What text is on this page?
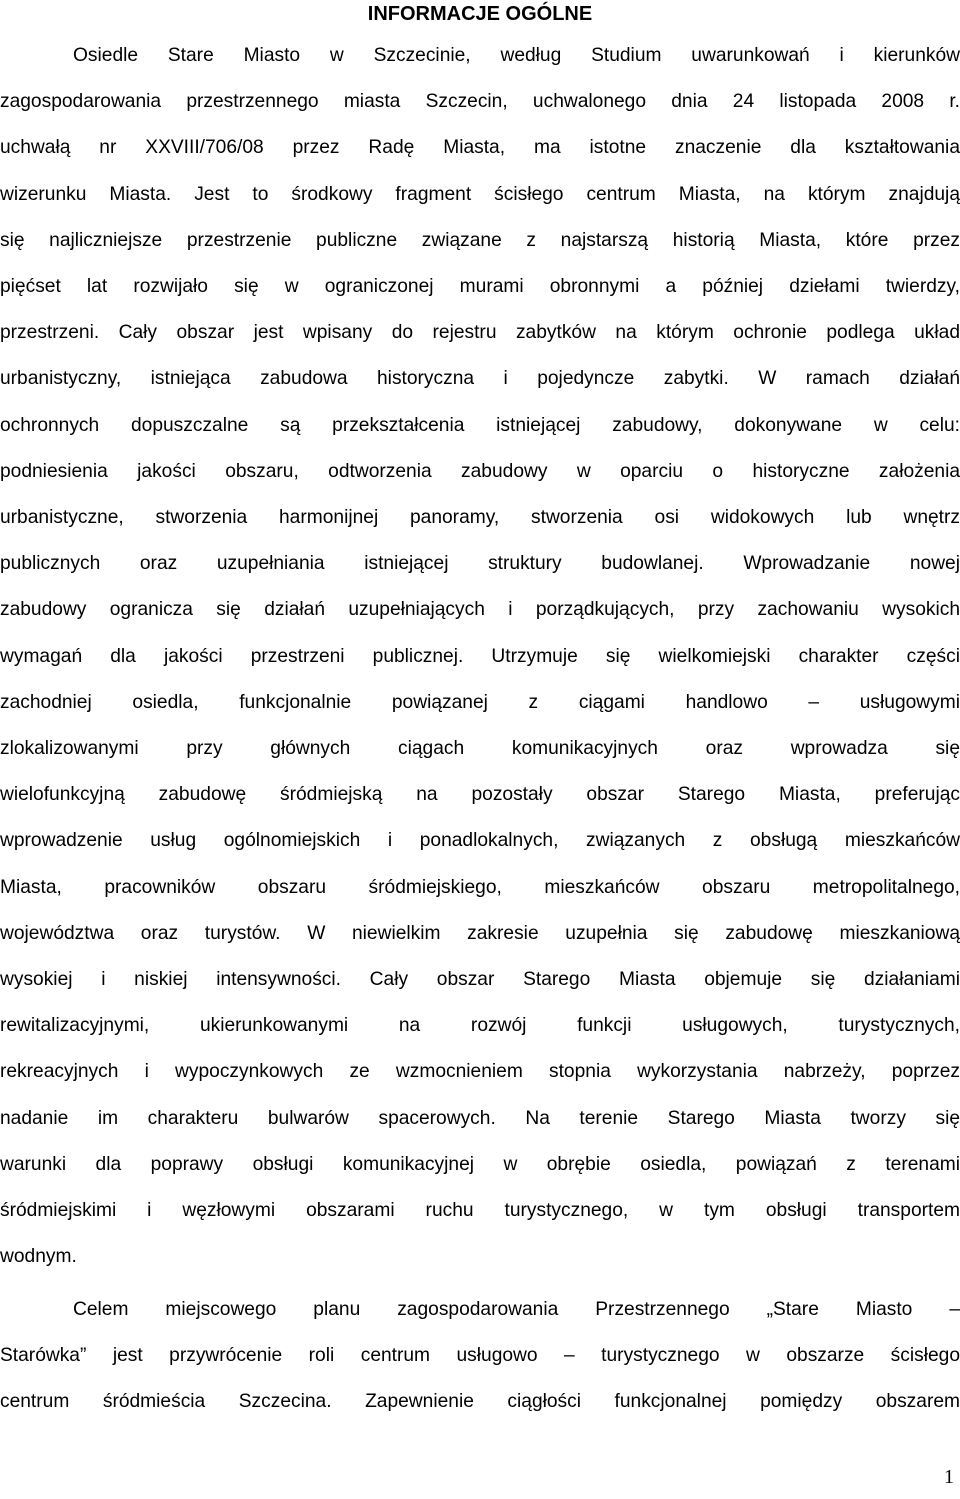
INFORMACJE OGÓLNE
Osiedle Stare Miasto w Szczecinie, według Studium uwarunkowań i kierunków
zagospodarowania przestrzennego miasta Szczecin, uchwalonego dnia 24 listopada 2008 r.
uchwałą nr XXVIII/706/08 przez Radę Miasta, ma istotne znaczenie dla kształtowania
wizerunku Miasta. Jest to środkowy fragment ścisłego centrum Miasta, na którym znajdują
się najliczniejsze przestrzenie publiczne związane z najstarszą historią Miasta, które przez
pięćset lat rozwijało się w ograniczonej murami obronnymi a później dziełami twierdzy,
przestrzeni. Cały obszar jest wpisany do rejestru zabytków na którym ochronie podlega układ
urbanistyczny, istniejąca zabudowa historyczna i pojedyncze zabytki. W ramach działań
ochronnych dopuszczalne są przekształcenia istniejącej zabudowy, dokonywane w celu:
podniesienia jakości obszaru, odtworzenia zabudowy w oparciu o historyczne założenia
urbanistyczne, stworzenia harmonijnej panoramy, stworzenia osi widokowych lub wnętrz
publicznych oraz uzupełniania istniejącej struktury budowlanej. Wprowadzanie nowej
zabudowy ogranicza się działań uzupełniających i porządkujących, przy zachowaniu wysokich
wymagań dla jakości przestrzeni publicznej. Utrzymuje się wielkomiejski charakter części
zachodniej osiedla, funkcjonalnie powiązanej z ciągami handlowo – usługowymi
zlokalizowanymi przy głównych ciągach komunikacyjnych oraz wprowadza się
wielofunkcyjną zabudowę śródmiejską na pozostały obszar Starego Miasta, preferując
wprowadzenie usług ogólnomiejskich i ponadlokalnych, związanych z obsługą mieszkańców
Miasta, pracowników obszaru śródmiejskiego, mieszkańców obszaru metropolitalnego,
województwa oraz turystów. W niewielkim zakresie uzupełnia się zabudowę mieszkaniową
wysokiej i niskiej intensywności. Cały obszar Starego Miasta objemuje się działaniami
rewitalizacyjnymi, ukierunkowanymi na rozwój funkcji usługowych, turystycznych,
rekreacyjnych i wypoczynkowych ze wzmocnieniem stopnia wykorzystania nabrzeży, poprzez
nadanie im charakteru bulwarów spacerowych. Na terenie Starego Miasta tworzy się
warunki dla poprawy obsługi komunikacyjnej w obrębie osiedla, powiązań z terenami
śródmiejskimi i węzłowymi obszarami ruchu turystycznego, w tym obsługi transportem
wodnym.
Celem miejscowego planu zagospodarowania Przestrzennego „Stare Miasto –
Starówka” jest przywrócenie roli centrum usługowo – turystycznego w obszarze ścisłego
centrum śródmieścia Szczecina. Zapewnienie ciągłości funkcjonalnej pomiędzy obszarem
1
